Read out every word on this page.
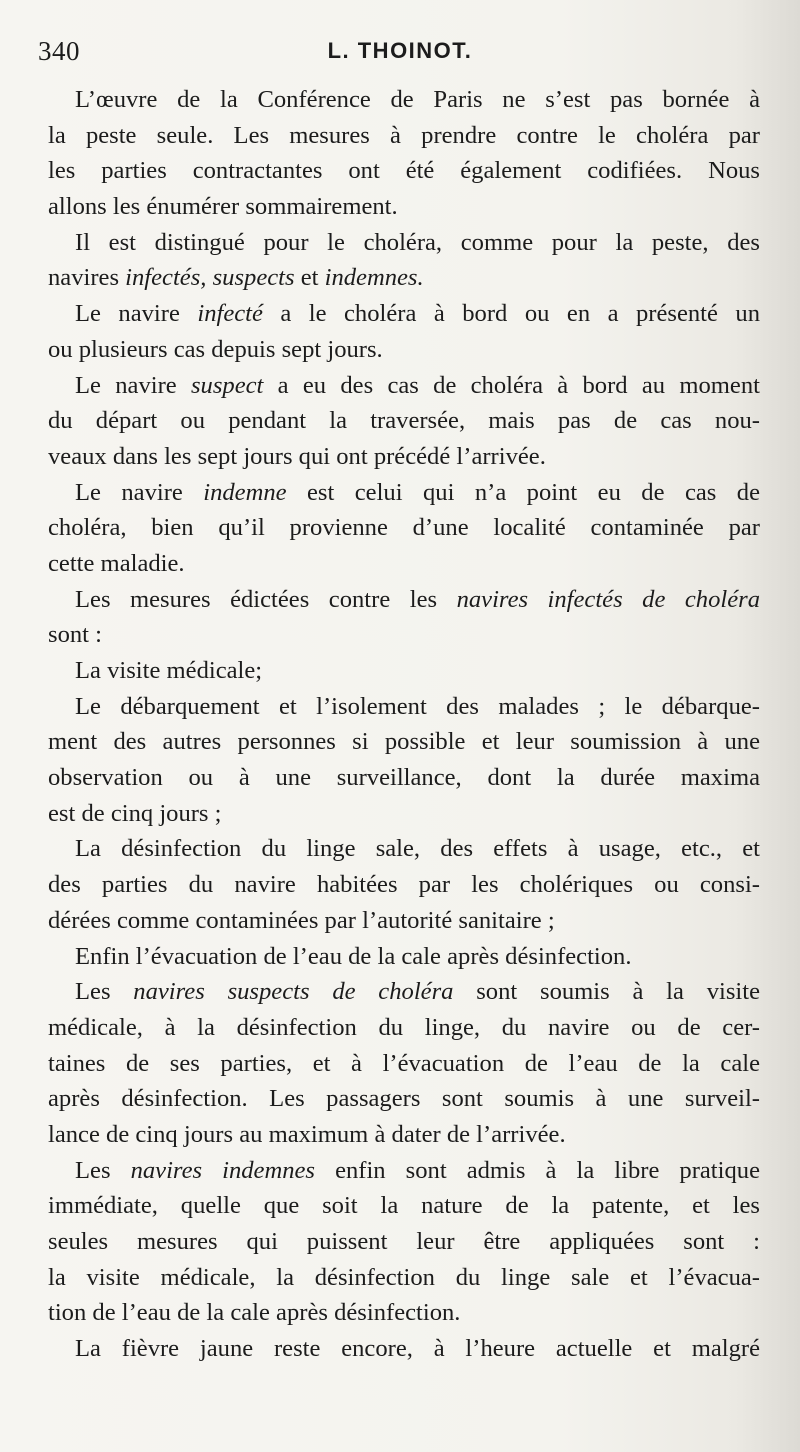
340	L. THOINOT.
L’œuvre de la Conférence de Paris ne s’est pas bornée à
la peste seule. Les mesures à prendre contre le choléra par
les parties contractantes ont été également codifiées. Nous
allons les énumérer sommairement.
Il est distingué pour le choléra, comme pour la peste, des
navires infectés, suspects et indemnes.
Le navire infecté a le choléra à bord ou en a présenté un
ou plusieurs cas depuis sept jours.
Le navire suspect a eu des cas de choléra à bord au moment
du départ ou pendant la traversée, mais pas de cas nou-
veaux dans les sept jours qui ont précédé l’arrivée.
Le navire indemne est celui qui n’a point eu de cas de
choléra, bien qu’il provienne d’une localité contaminée par
cette maladie.
Les mesures édictées contre les navires infectés de choléra
sont :
La visite médicale;
Le débarquement et l’isolement des malades ; le débarque-
ment des autres personnes si possible et leur soumission à une
observation ou à une surveillance, dont la durée maxima
est de cinq jours ;
La désinfection du linge sale, des effets à usage, etc., et
des parties du navire habitées par les cholériques ou consi-
dérées comme contaminées par l’autorité sanitaire ;
Enfin l’évacuation de l’eau de la cale après désinfection.
Les navires suspects de choléra sont soumis à la visite
médicale, à la désinfection du linge, du navire ou de cer-
taines de ses parties, et à l’évacuation de l’eau de la cale
après désinfection. Les passagers sont soumis à une surveil-
lance de cinq jours au maximum à dater de l’arrivée.
Les navires indemnes enfin sont admis à la libre pratique
immédiate, quelle que soit la nature de la patente, et les
seules mesures qui puissent leur être appliquées sont :
la visite médicale, la désinfection du linge sale et l’évacua-
tion de l’eau de la cale après désinfection.
La fièvre jaune reste encore, à l’heure actuelle et malgré
